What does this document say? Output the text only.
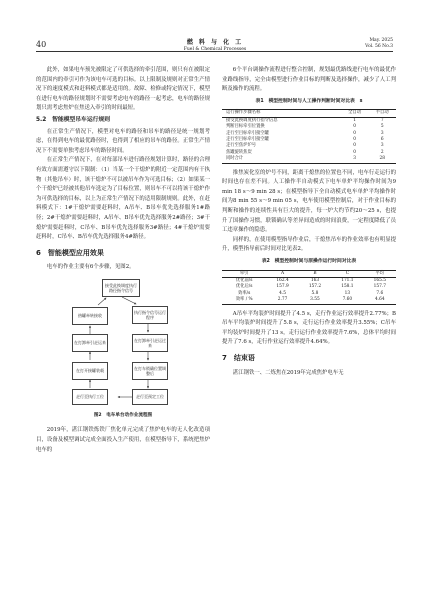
40	燃 料 与 化 工
Fuel & Chemical Processes
May. 2025
Vol. 56 No.3

此外，如果电车预先被限定了可供选择的牵引范围，则只有在被限定的范围内的牵引可作为该电车可选的目标。以上限制及规则对正常生产情况下的速度模式和赶料模式都是适用的。故障、检修或特定情况下，模型在进行电车的路径规划时不需要考虑电车的路径一起考虑，电车的路径规划只需考虑焦炉在焦送入牵引的时间最短。

5.2　智能模型吊车运行规则

在正常生产情况下，模型对电车的路径和吊车的路径是统一规划考虑，在得到电车的最优路径时，也得到了相应的吊车的路径。正常生产情况下不需要单独考虑吊车的路径时间。

在正常生产情况下，在对每部吊车进行路径规划计算时，路径的合理有效方面需遵守以下限制：（1）当某一个干熄炉的附近一定范围内有干执物（其他吊车）时，该干熄炉不可以被吊车作为可选目标；（2）如果某一个干熄炉已经被其他吊车选定为了目标位置，则吊车不可以将该干熄炉作为可供选择的目标，以上为正常生产情况下的适用限制规则。此外，在赶料模式下：1#干熄炉需要赶料时，A吊车、B吊车优先选择服务1#路径；2#干熄炉需要赶料时，A吊车、B吊车优先选择服务2#路径；3#干熄炉需要赶料时，C吊车、B吊车优先选择服务3#路径；4#干熄炉需要赶料时，C吊车、B吊车优先选择服务4#路径。

6　智能模型应用效果

电车的作业主要有6个步骤，见图2。

接受此换调度执行路径指令信号
执行指令信号运行程序
在打卸牵引走运过来
热罐牵转接收
在打车锁确位置调整后
走行至预定工位
走行至执行工位
在打开接罐装载
在打卸牵引走运来
图2　电车单台动作业流程图

2019年，湛江钢铁炼铁厂焦化单元完成了焦炉电车的无人化改造项目，设备及模型调试完成全面投入生产使用，在模型指导下，系统把焦炉电车的

6个平台调操作流程进行整合控制，规划最优路线进行电车的最优作业路线指导，完全由模型进行作业目标的判断及选择操作，减少了人工判断及操作的流程。

表1　模型控制时间与人工操作判断时间对比表　s
运行操作步骤名称	全自动	半自动
接受此换调度执行指令信息	1	7
判断目标牵引位置换	0	5
走行至目标牵引接空罐	0	3
走行至目标牵引接空罐	0	6
走行至焦炉炉号	0	3
焦罐旋转焦炭	0	2
同时合计	3	28

推焦炭化室的炉号不同，距离干熄焦的位置也不同，电车行走运行的时间也存在差不同。人工操作半自动模式下电车单炉平均操作时间为9 min 18 s～9 min 28 s；在模型指导下全自动模式电车单炉平均操作时间为8 min 55 s～9 min 05 s，电车使用模型控制后，对于作业目标的判断和操作的连续性具有巨大的提升，每一炉大约节约20～25 s，也提升了国操作习惯，联锁确认等差异间造成的时间浪费，一定程度降低了员工违章操作的隐患。

同样的，在使用模型指导作业后，干熄焦吊车的作业效率也有明显提升，模型指导前后时间对比见表2。

表2　模型控制时间与原操作运行时间对比表
牵引	A	B	C	平均
优化前/s	162.4	163	171.1	165.5
优化后/s	157.9	157.2	158.1	157.7
效率/s	4.5	5.8	13	7.6
效率 / %	2.77	3.55	7.60	4.64

A吊车平均装炉时间提升了4.5 s，走行作业运行效率提升2.77%；B吊车平均装炉时间提升了5.8 s，走行运行作业效率提升3.55%；C吊车平均装炉时间提升了13 s，走行运行作业效率提升7.6%，总体平均时间提升了7.6 s，走行作业运行效率提升4.64%。

7　结束语

湛江钢铁一、二炼焦在2019年完成焦炉电车无
